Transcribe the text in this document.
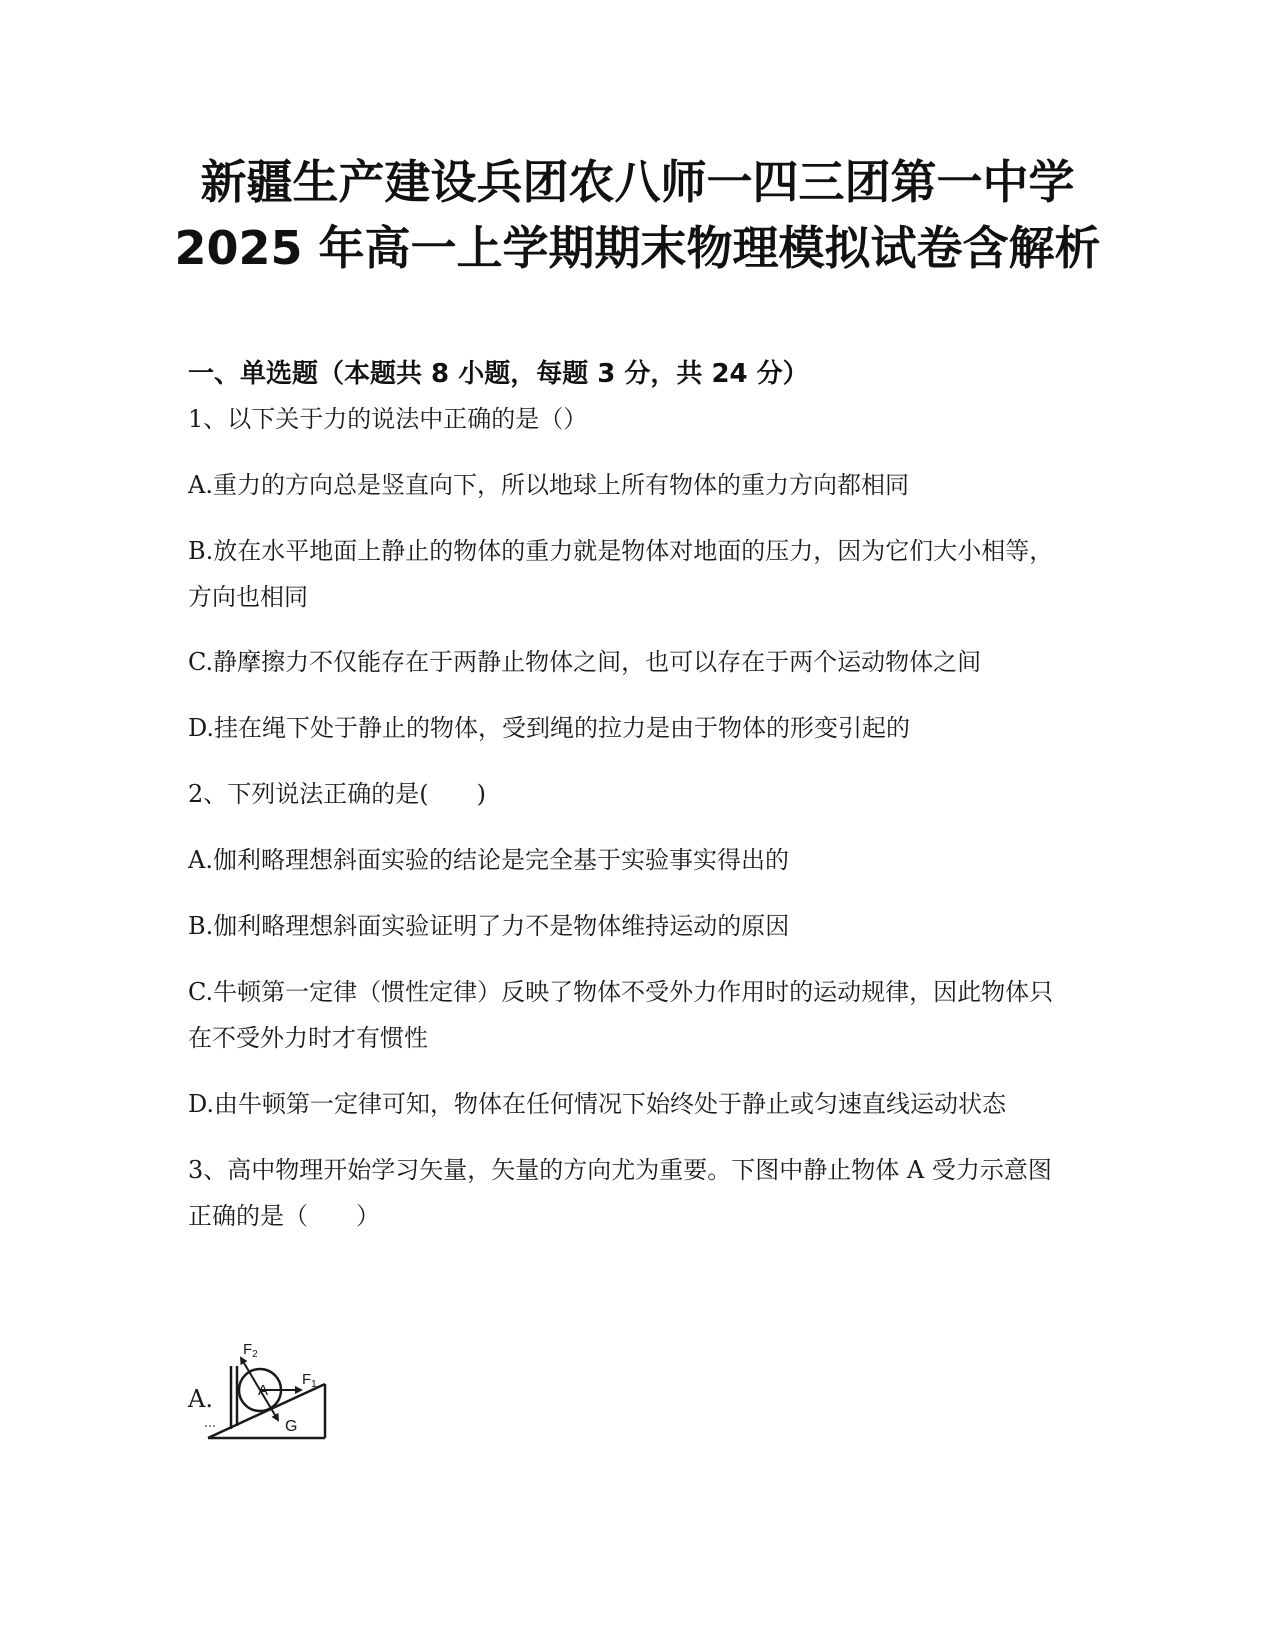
新疆生产建设兵团农八师一四三团第一中学
2025 年高一上学期期末物理模拟试卷含解析
一、单选题（本题共 8 小题，每题 3 分，共 24 分）
1、以下关于力的说法中正确的是（）
A.重力的方向总是竖直向下，所以地球上所有物体的重力方向都相同
B.放在水平地面上静止的物体的重力就是物体对地面的压力，因为它们大小相等，
方向也相同
C.静摩擦力不仅能存在于两静止物体之间，也可以存在于两个运动物体之间
D.挂在绳下处于静止的物体，受到绳的拉力是由于物体的形变引起的
2、下列说法正确的是(　　)
A.伽利略理想斜面实验的结论是完全基于实验事实得出的
B.伽利略理想斜面实验证明了力不是物体维持运动的原因
C.牛顿第一定律（惯性定律）反映了物体不受外力作用时的运动规律，因此物体只
在不受外力时才有惯性
D.由牛顿第一定律可知，物体在任何情况下始终处于静止或匀速直线运动状态
3、高中物理开始学习矢量，矢量的方向尤为重要。下图中静止物体 A 受力示意图
正确的是（　　）
A.
$F_2$
$F_1$
A
G
